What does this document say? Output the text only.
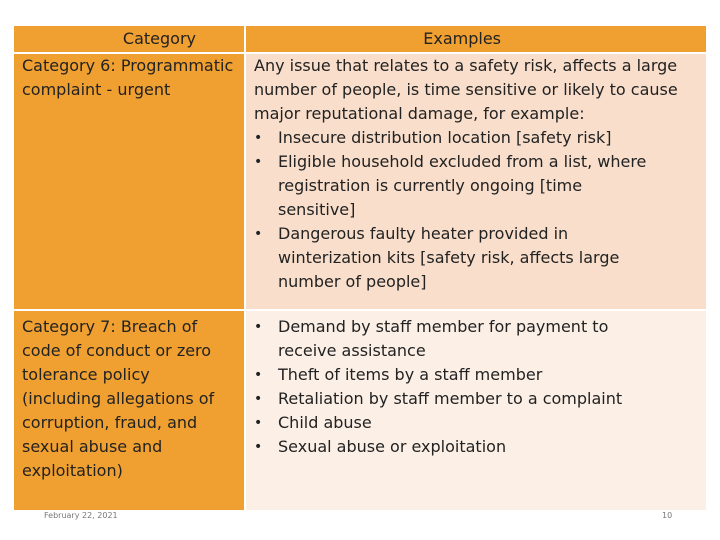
Category	Examples
Category 6: Programmatic complaint - urgent

Any issue that relates to a safety risk, affects a large number of people, is time sensitive or likely to cause major reputational damage, for example:

• Insecure distribution location [safety risk]
• Eligible household excluded from a list, where registration is currently ongoing [time sensitive]
• Dangerous faulty heater provided in winterization kits [safety risk, affects large number of people]
Category 7: Breach of code of conduct or zero tolerance policy (including allegations of corruption, fraud, and sexual abuse and exploitation)
• Demand by staff member for payment to receive assistance
• Theft of items by a staff member
• Retaliation by staff member to a complaint
• Child abuse
• Sexual abuse or exploitation
February 22, 2021	10
